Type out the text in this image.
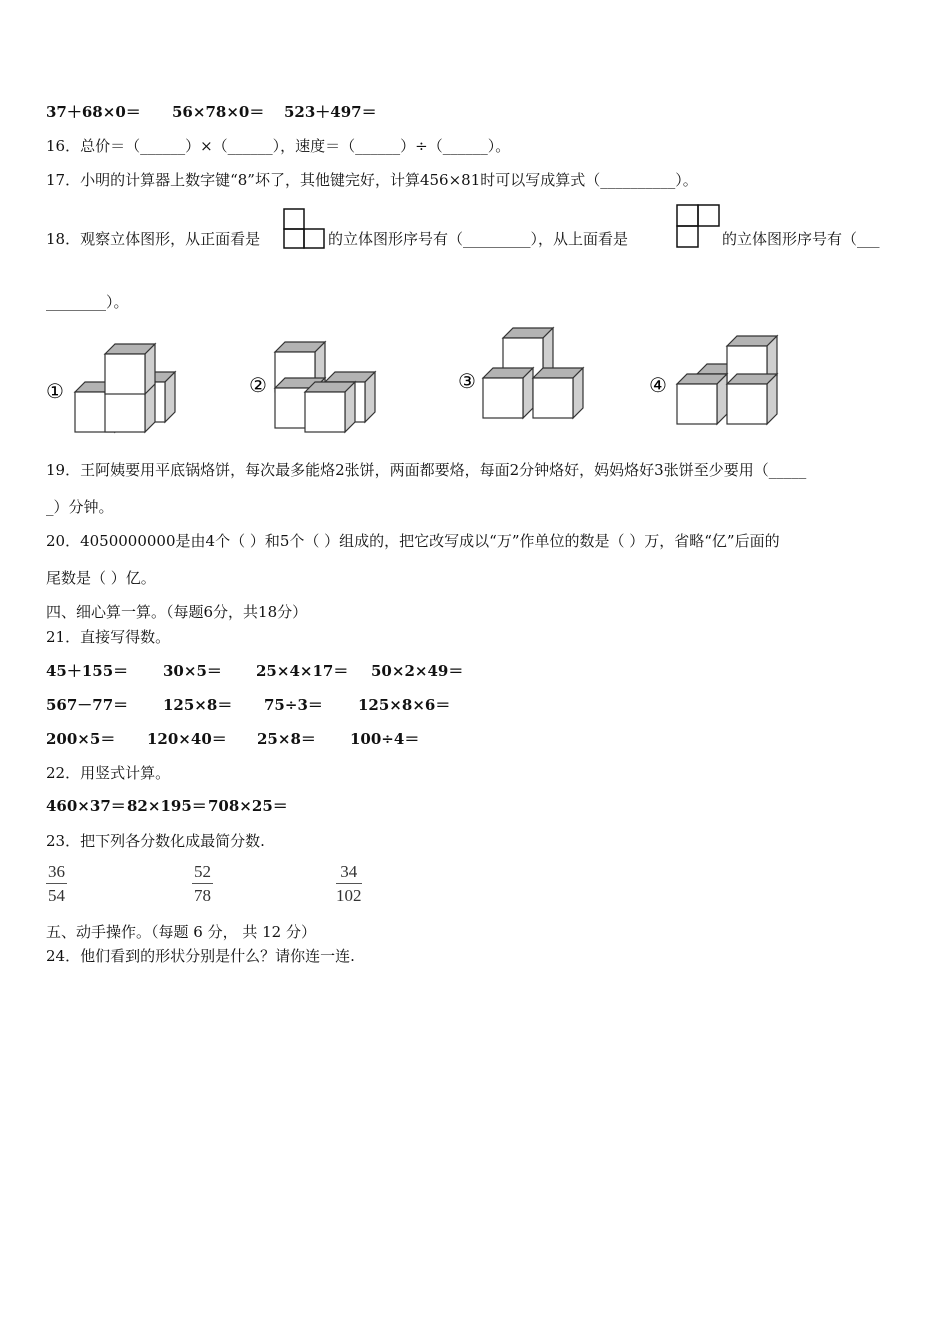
37＋68×0＝ 56×78×0＝ 523＋497＝
16．总价＝（______）×（______），速度＝（______）÷（______）。
17．小明的计算器上数字键“8”坏了，其他键完好，计算456×81时可以写成算式（__________）。
18．观察立体图形，从正面看是	的立体图形序号有（_________），从上面看是	的立体图形序号有（___
________）。
①	②	③	④
19．王阿姨要用平底锅烙饼，每次最多能烙2张饼，两面都要烙，每面2分钟烙好，妈妈烙好3张饼至少要用（_____
_）分钟。
20．4050000000是由4个（ ）和5个（ ）组成的，把它改写成以“万”作单位的数是（ ）万，省略“亿”后面的
尾数是（ ）亿。
四、细心算一算。（每题6分，共18分）
21．直接写得数。
45＋155＝ 30×5＝ 25×4×17＝ 50×2×49＝
567－77＝ 125×8＝ 75÷3＝ 125×8×6＝
200×5＝ 120×40＝ 25×8＝ 100÷4＝
22．用竖式计算。
460×37＝82×195＝708×25＝
23．把下列各分数化成最简分数.
$\frac{36}{54}$	$\frac{52}{78}$	$\frac{34}{102}$
五、动手操作。（每题 6 分， 共 12 分）
24．他们看到的形状分别是什么？请你连一连.
